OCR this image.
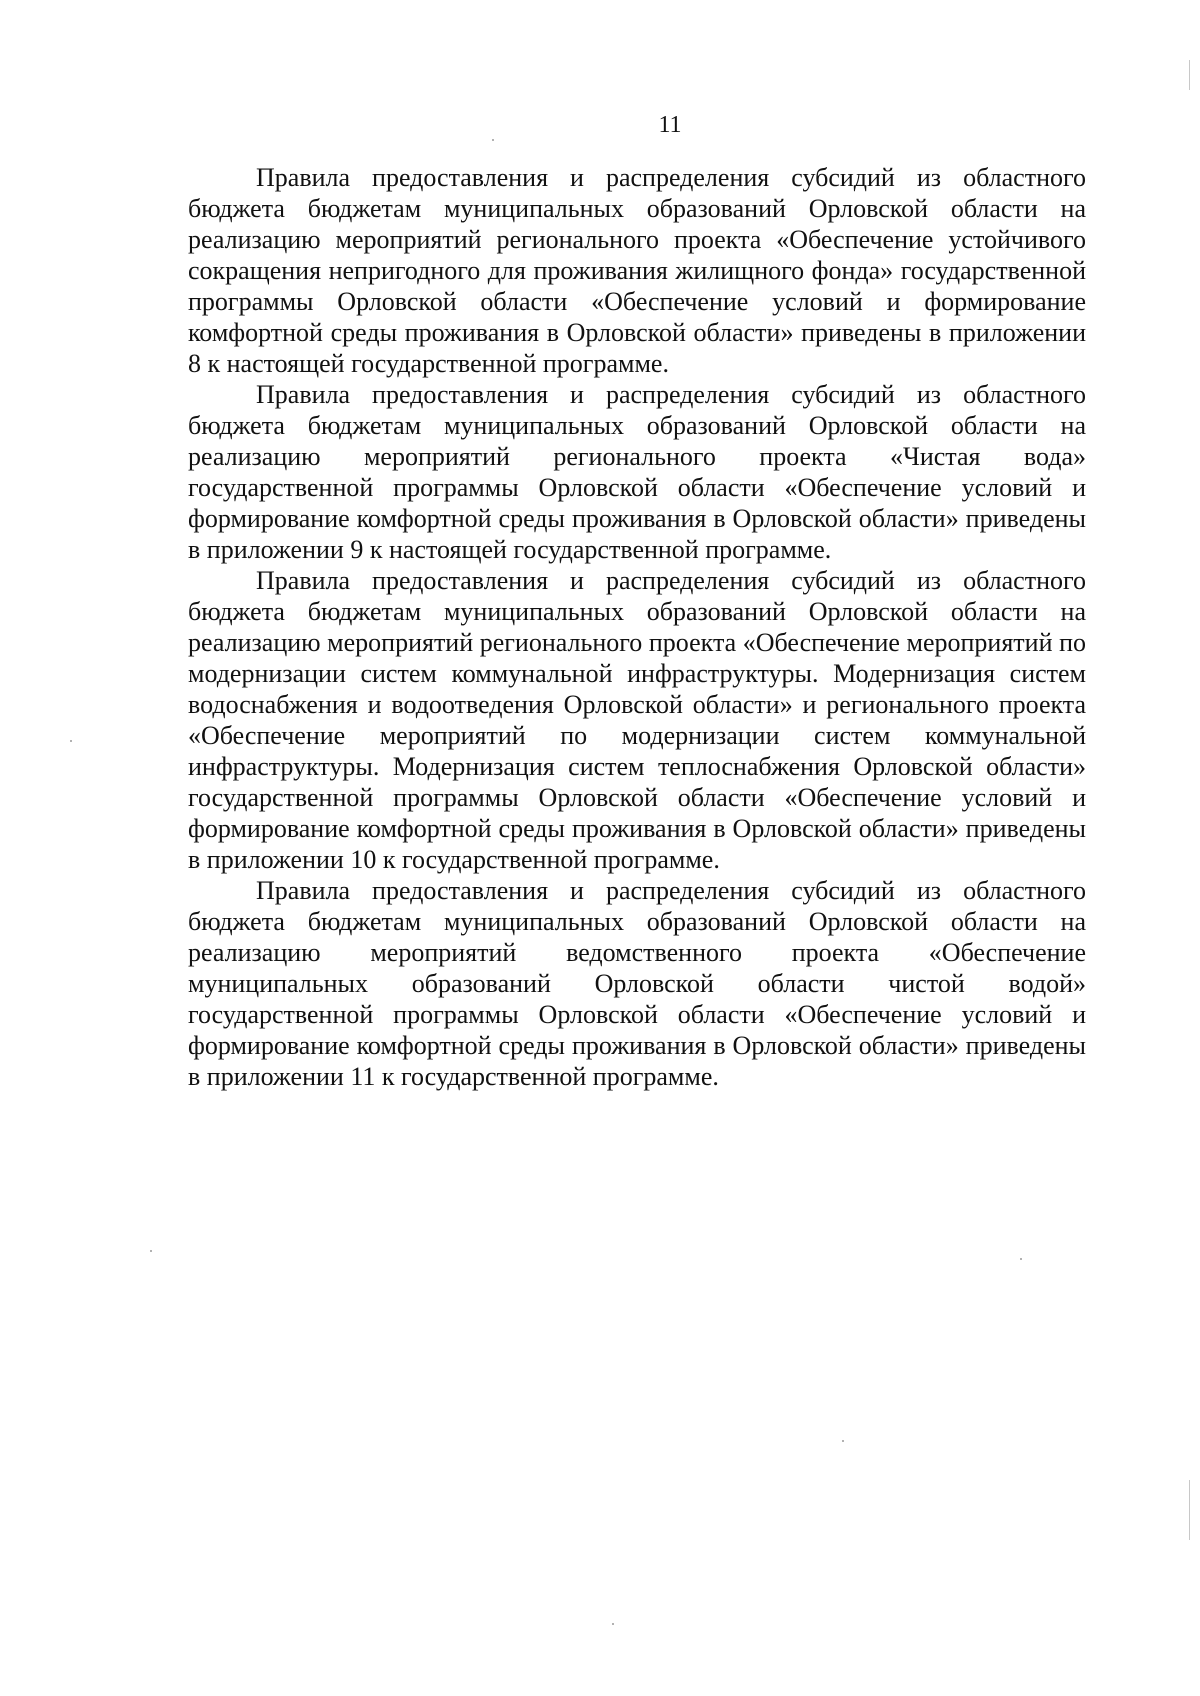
11

Правила предоставления и распределения субсидий из областного бюджета бюджетам муниципальных образований Орловской области на реализацию мероприятий регионального проекта «Обеспечение устойчивого сокращения непригодного для проживания жилищного фонда» государственной программы Орловской области «Обеспечение условий и формирование комфортной среды проживания в Орловской области» приведены в приложении 8 к настоящей государственной программе.

Правила предоставления и распределения субсидий из областного бюджета бюджетам муниципальных образований Орловской области на реализацию мероприятий регионального проекта «Чистая вода» государственной программы Орловской области «Обеспечение условий и формирование комфортной среды проживания в Орловской области» приведены в приложении 9 к настоящей государственной программе.

Правила предоставления и распределения субсидий из областного бюджета бюджетам муниципальных образований Орловской области на реализацию мероприятий регионального проекта «Обеспечение мероприятий по модернизации систем коммунальной инфраструктуры. Модернизация систем водоснабжения и водоотведения Орловской области» и регионального проекта «Обеспечение мероприятий по модернизации систем коммунальной инфраструктуры. Модернизация систем теплоснабжения Орловской области» государственной программы Орловской области «Обеспечение условий и формирование комфортной среды проживания в Орловской области» приведены в приложении 10 к государственной программе.

Правила предоставления и распределения субсидий из областного бюджета бюджетам муниципальных образований Орловской области на реализацию мероприятий ведомственного проекта «Обеспечение муниципальных образований Орловской области чистой водой» государственной программы Орловской области «Обеспечение условий и формирование комфортной среды проживания в Орловской области» приведены в приложении 11 к государственной программе.
